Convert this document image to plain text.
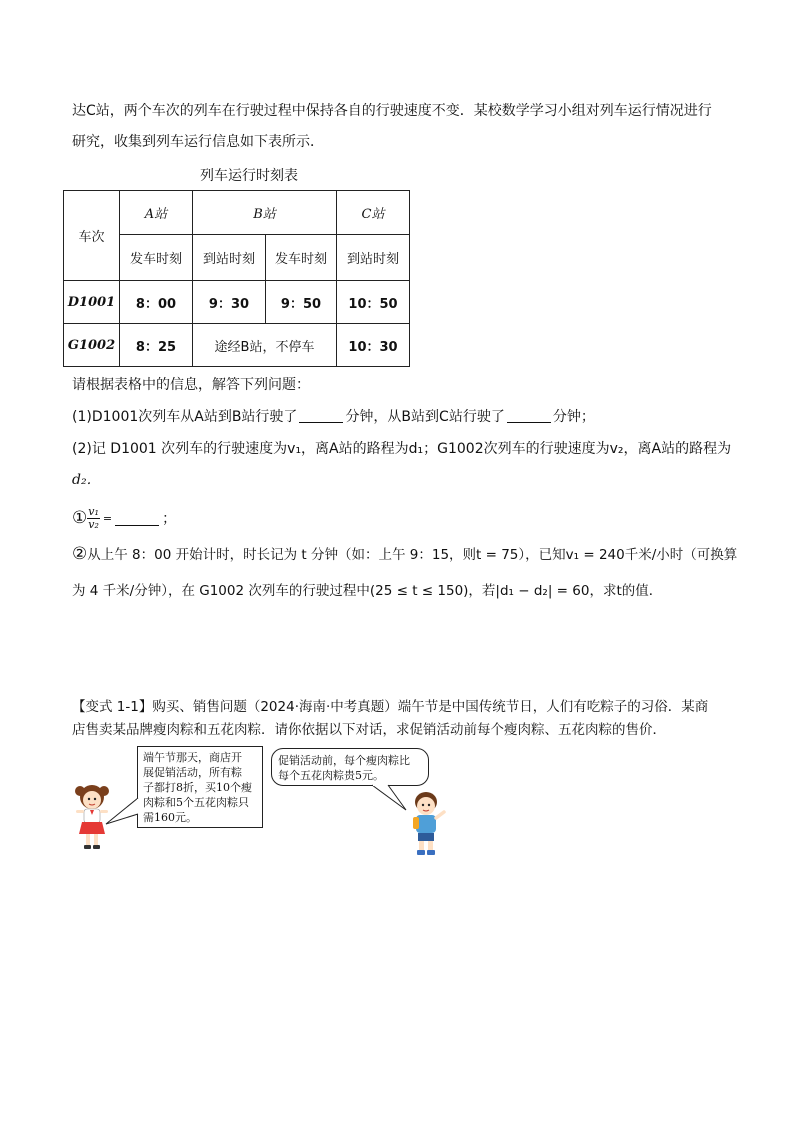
达C站，两个车次的列车在行驶过程中保持各自的行驶速度不变．某校数学学习小组对列车运行情况进行
研究，收集到列车运行信息如下表所示．
列车运行时刻表
车次	A站	B站		C站
	发车时刻	到站时刻	发车时刻	到站时刻
D1001	8：00	9：30	9：50	10：50
G1002	8：25	途经B站，不停车		10：30
请根据表格中的信息，解答下列问题：
(1)D1001次列车从A站到B站行驶了	分钟，从B站到C站行驶了	分钟；
(2)记 D1001 次列车的行驶速度为v₁，离A站的路程为d₁；G1002次列车的行驶速度为v₂，离A站的路程为
d₂．
① $\frac{\text{v₁}}{\text{v₂}}$ =	；
②从上午 8：00 开始计时，时长记为 t 分钟（如：上午 9：15，则t = 75），已知v₁ = 240千米/小时（可换算
为 4 千米/分钟），在 G1002 次列车的行驶过程中(25 ≤ t ≤ 150)，若|d₁ − d₂| = 60，求t的值．
【变式 1-1】购买、销售问题（2024·海南·中考真题）端午节是中国传统节日，人们有吃粽子的习俗．某商
店售卖某品牌瘦肉粽和五花肉粽．请你依据以下对话，求促销活动前每个瘦肉粽、五花肉粽的售价．
端午节那天，商店开
展促销活动，所有粽
子都打8折，买10个瘦
肉粽和5个五花肉粽只
需160元。
促销活动前，每个瘦肉粽比
每个五花肉粽贵5元。
